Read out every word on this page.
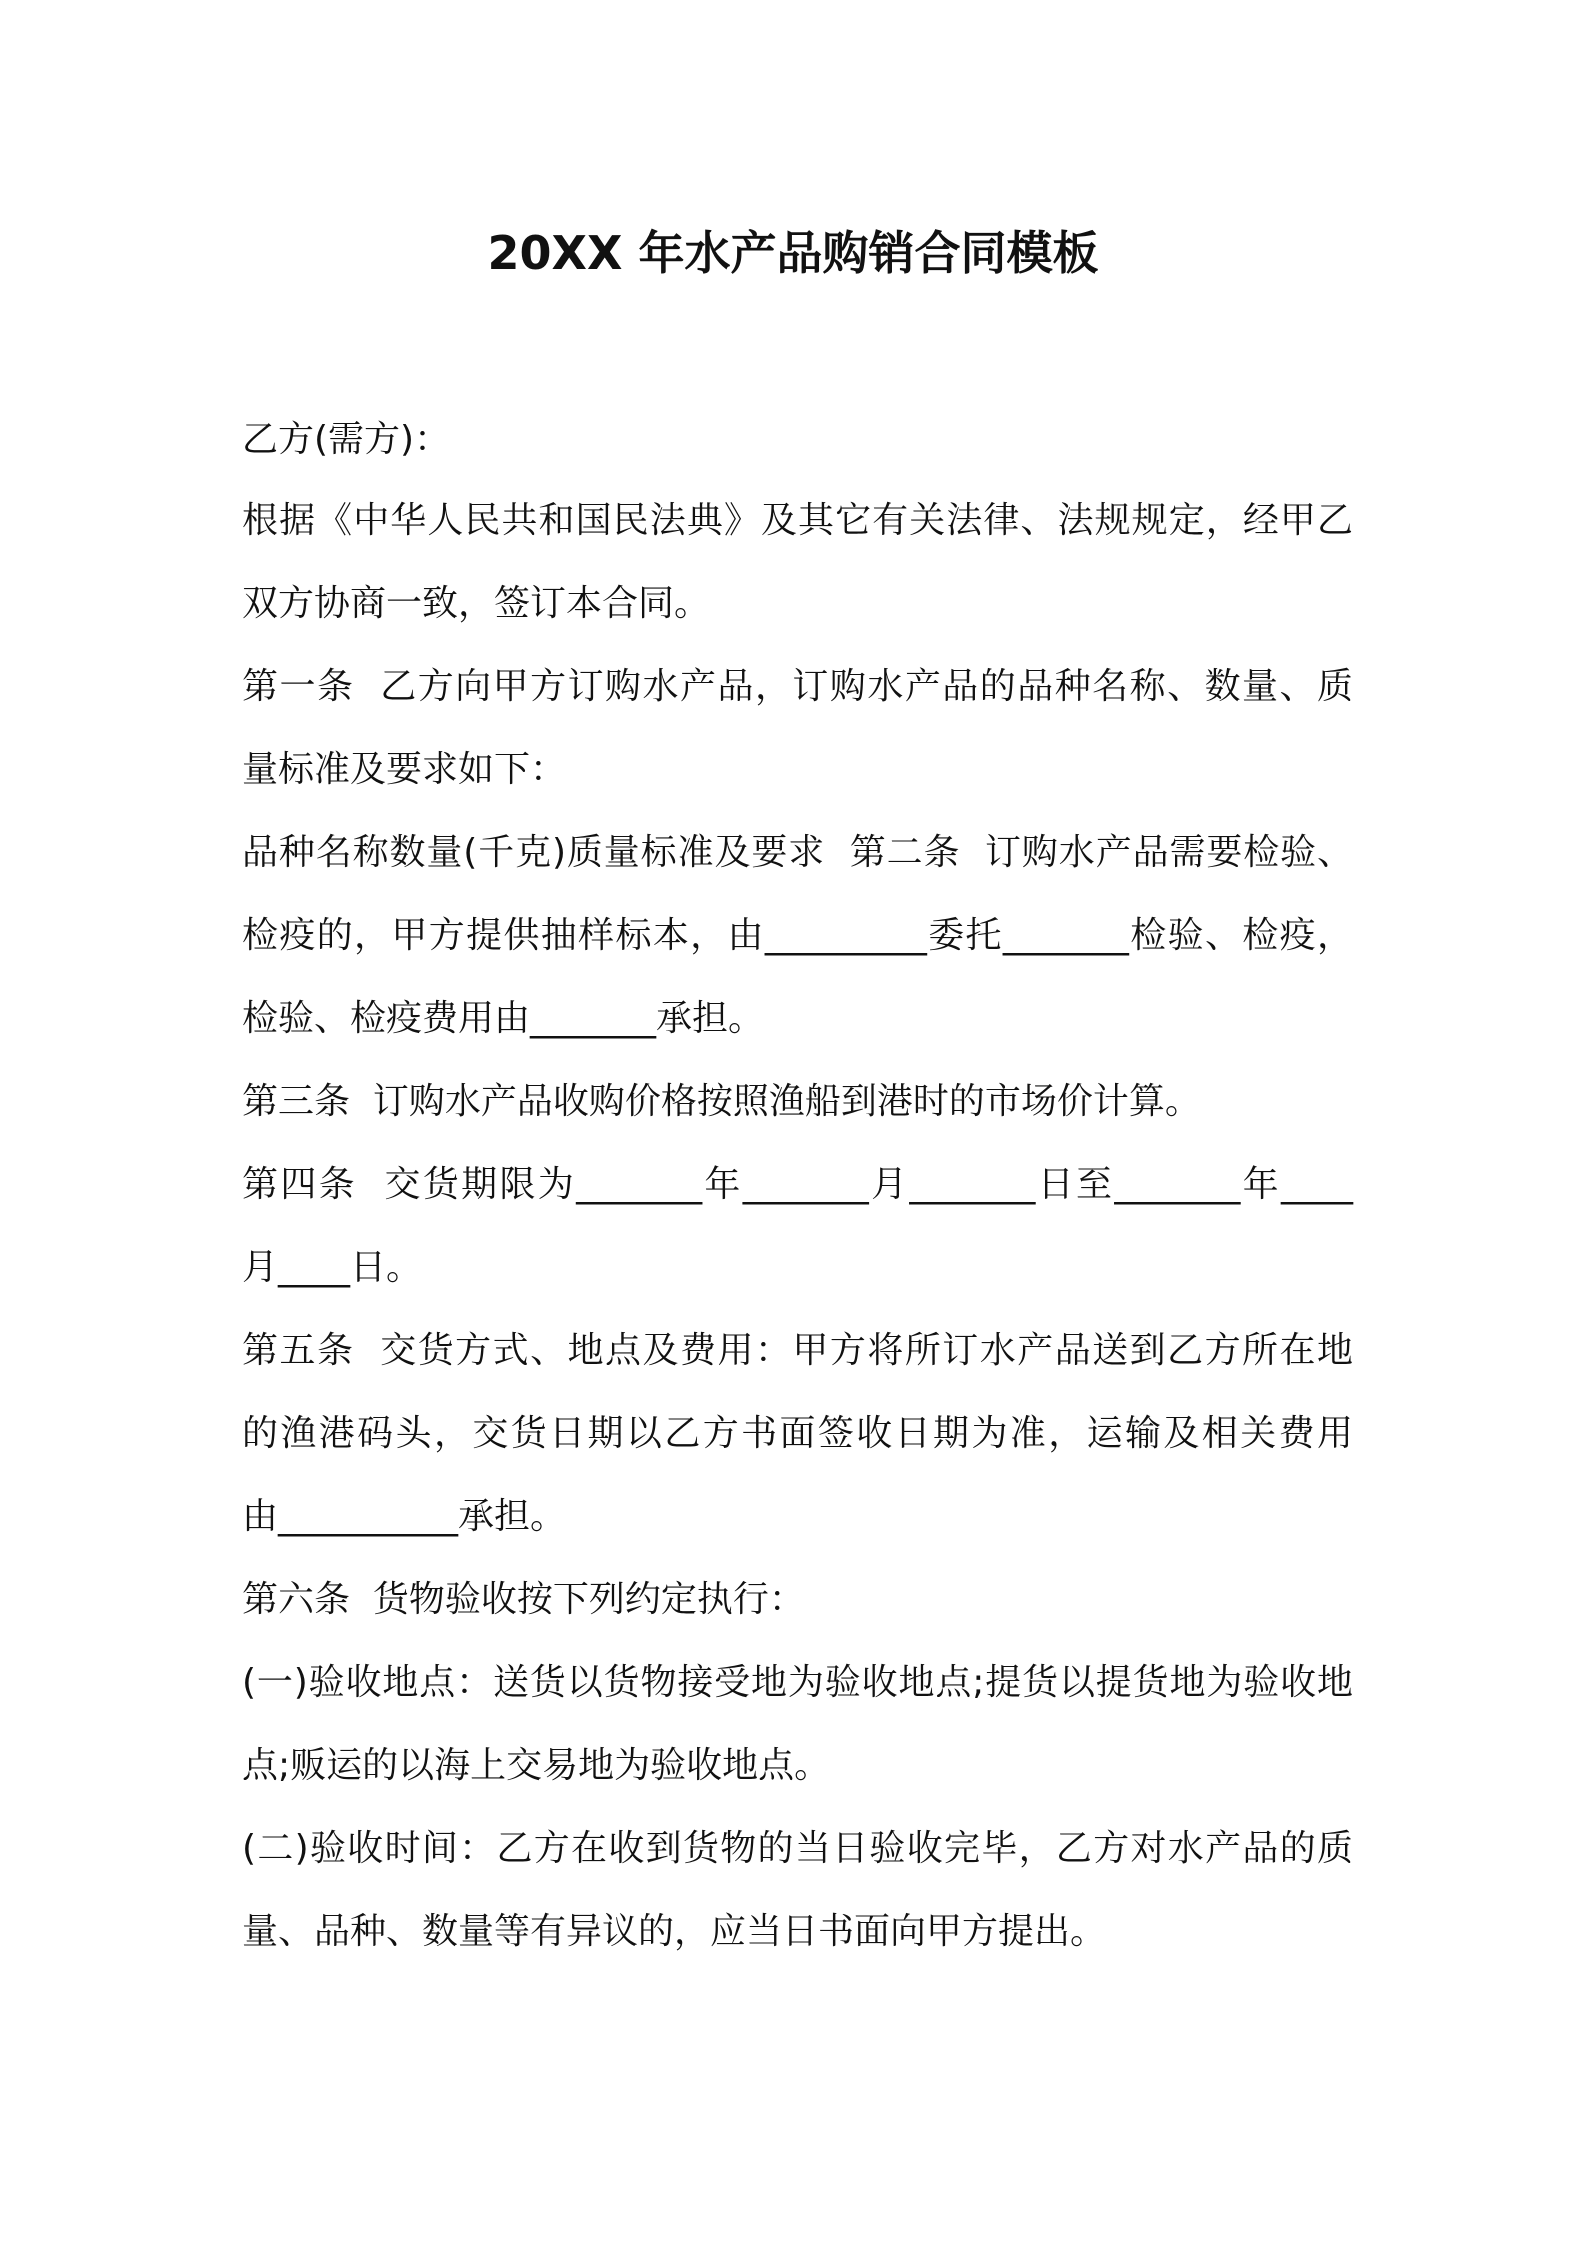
20XX 年水产品购销合同模板
乙方(需方)：
根据《中华人民共和国民法典》及其它有关法律、法规规定，经甲乙
双方协商一致，签订本合同。
第一条  乙方向甲方订购水产品，订购水产品的品种名称、数量、质
量标准及要求如下：
品种名称数量(千克)质量标准及要求  第二条  订购水产品需要检验、
检疫的，甲方提供抽样标本，由_________委托_______检验、检疫，
检验、检疫费用由_______承担。
第三条  订购水产品收购价格按照渔船到港时的市场价计算。
第四条  交货期限为_______年_______月_______日至_______年____
月____日。
第五条  交货方式、地点及费用：甲方将所订水产品送到乙方所在地
的渔港码头，交货日期以乙方书面签收日期为准，运输及相关费用
由__________承担。
第六条  货物验收按下列约定执行：
(一)验收地点：送货以货物接受地为验收地点;提货以提货地为验收地
点;贩运的以海上交易地为验收地点。
(二)验收时间：乙方在收到货物的当日验收完毕，乙方对水产品的质
量、品种、数量等有异议的，应当日书面向甲方提出。
